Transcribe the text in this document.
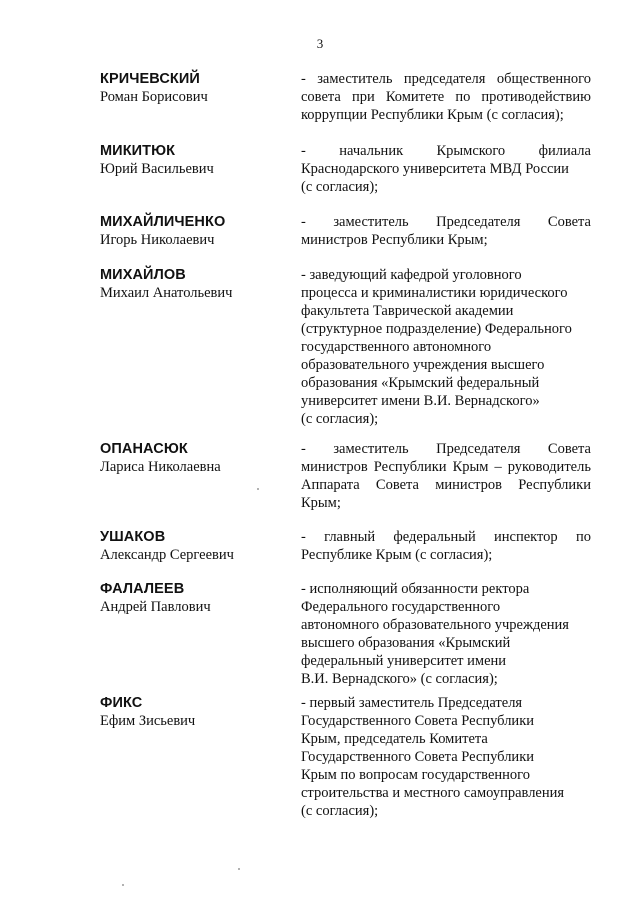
3
КРИЧЕВСКИЙ
Роман Борисович
- заместитель председателя общественного
совета при Комитете по противодействию
коррупции Республики Крым (с согласия);
МИКИТЮК
Юрий Васильевич
- начальник Крымского филиала
Краснодарского университета МВД России
(с согласия);
МИХАЙЛИЧЕНКО
Игорь Николаевич
- заместитель Председателя Совета
министров Республики Крым;
МИХАЙЛОВ
Михаил Анатольевич
- заведующий кафедрой уголовного
процесса и криминалистики юридического
факультета Таврической академии
(структурное подразделение) Федерального
государственного автономного
образовательного учреждения высшего
образования «Крымский федеральный
университет имени В.И. Вернадского»
(с согласия);
ОПАНАСЮК
Лариса Николаевна
- заместитель Председателя Совета
министров Республики Крым – руководитель
Аппарата Совета министров Республики
Крым;
УШАКОВ
Александр Сергеевич
- главный федеральный инспектор по
Республике Крым (с согласия);
ФАЛАЛЕЕВ
Андрей Павлович
- исполняющий обязанности ректора
Федерального государственного
автономного образовательного учреждения
высшего образования «Крымский
федеральный университет имени
В.И. Вернадского» (с согласия);
ФИКС
Ефим Зисьевич
- первый заместитель Председателя
Государственного Совета Республики
Крым, председатель Комитета
Государственного Совета Республики
Крым по вопросам государственного
строительства и местного самоуправления
(с согласия);
